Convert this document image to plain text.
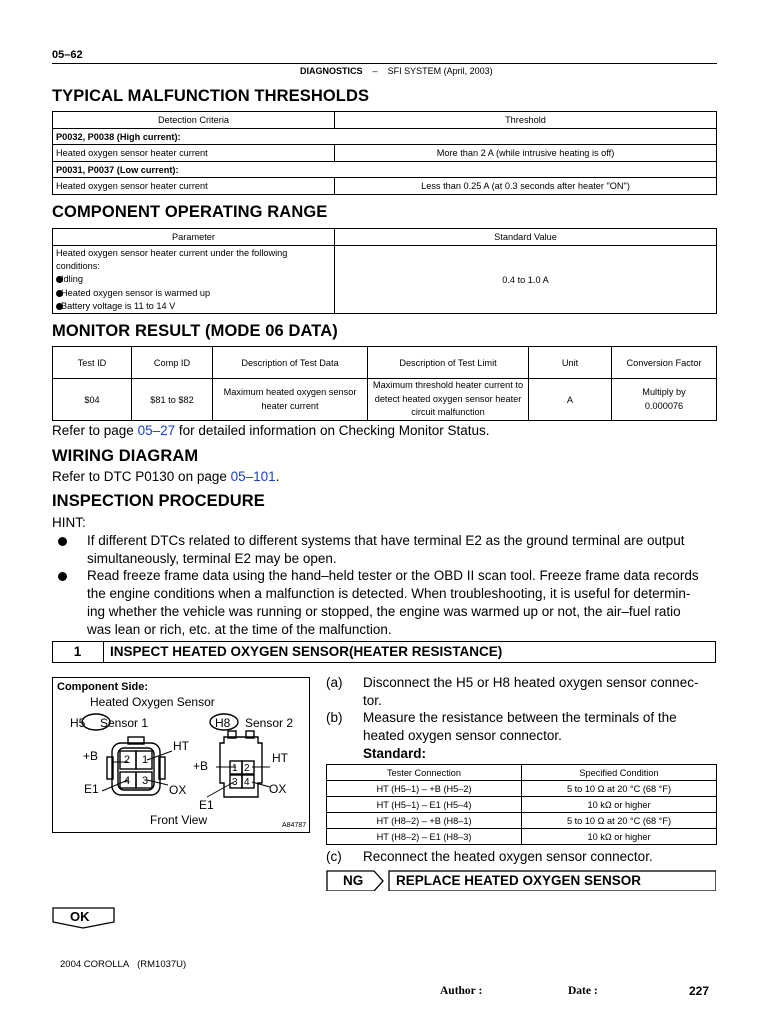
05–62
DIAGNOSTICS – SFI SYSTEM (April, 2003)
TYPICAL MALFUNCTION THRESHOLDS
Detection Criteria	Threshold
P0032, P0038 (High current):	
Heated oxygen sensor heater current	More than 2 A (while intrusive heating is off)
P0031, P0037 (Low current):	
Heated oxygen sensor heater current	Less than 0.25 A (at 0.3 seconds after heater "ON")
COMPONENT OPERATING RANGE
Parameter	Standard Value

Heated oxygen sensor heater current under the following
conditions:
Idling
Heated oxygen sensor is warmed up
Battery voltage is 11 to 14 V	0.4 to 1.0 A
MONITOR RESULT (MODE 06 DATA)
Test ID	Comp ID	Description of Test Data	Description of Test Limit	Unit	Conversion Factor
$04	$81 to $82	Maximum heated oxygen sensor heater current	Maximum threshold heater current to detect heated oxygen sensor heater circuit malfunction	A	Multiply by 0.000076
Refer to page 05–27 for detailed information on Checking Monitor Status.
WIRING DIAGRAM
Refer to DTC P0130 on page 05–101.
INSPECTION PROCEDURE
HINT:
If different DTCs related to different systems that have terminal E2 as the ground terminal are output
simultaneously, terminal E2 may be open.
Read freeze frame data using the hand–held tester or the OBD II scan tool. Freeze frame data records
the engine conditions when a malfunction is detected. When troubleshooting, it is useful for determin-
ing whether the vehicle was running or stopped, the engine was warmed up or not, the air–fuel ratio
was lean or rich, etc. at the time of the malfunction.
1	INSPECT HEATED OXYGEN SENSOR(HEATER RESISTANCE)
Component Side:
Heated Oxygen Sensor
H5 Sensor 1	H8 Sensor 2
HT
+B
E1	OX
2 1
4 3
HT
+B
OX
E1
1 2
3 4
Front View	A84787
(a) Disconnect the H5 or H8 heated oxygen sensor connec-
tor.
(b) Measure the resistance between the terminals of the
heated oxygen sensor connector.
Standard:
Tester Connection	Specified Condition
HT (H5–1) – +B (H5–2)	5 to 10 Ω at 20 °C (68 °F)
HT (H5–1) – E1 (H5–4)	10 kΩ or higher
HT (H8–2) – +B (H8–1)	5 to 10 Ω at 20 °C (68 °F)
HT (H8–2) – E1 (H8–3)	10 kΩ or higher
(c) Reconnect the heated oxygen sensor connector.
NG REPLACE HEATED OXYGEN SENSOR
OK
2004 COROLLA (RM1037U)
Author :	Date :	227
